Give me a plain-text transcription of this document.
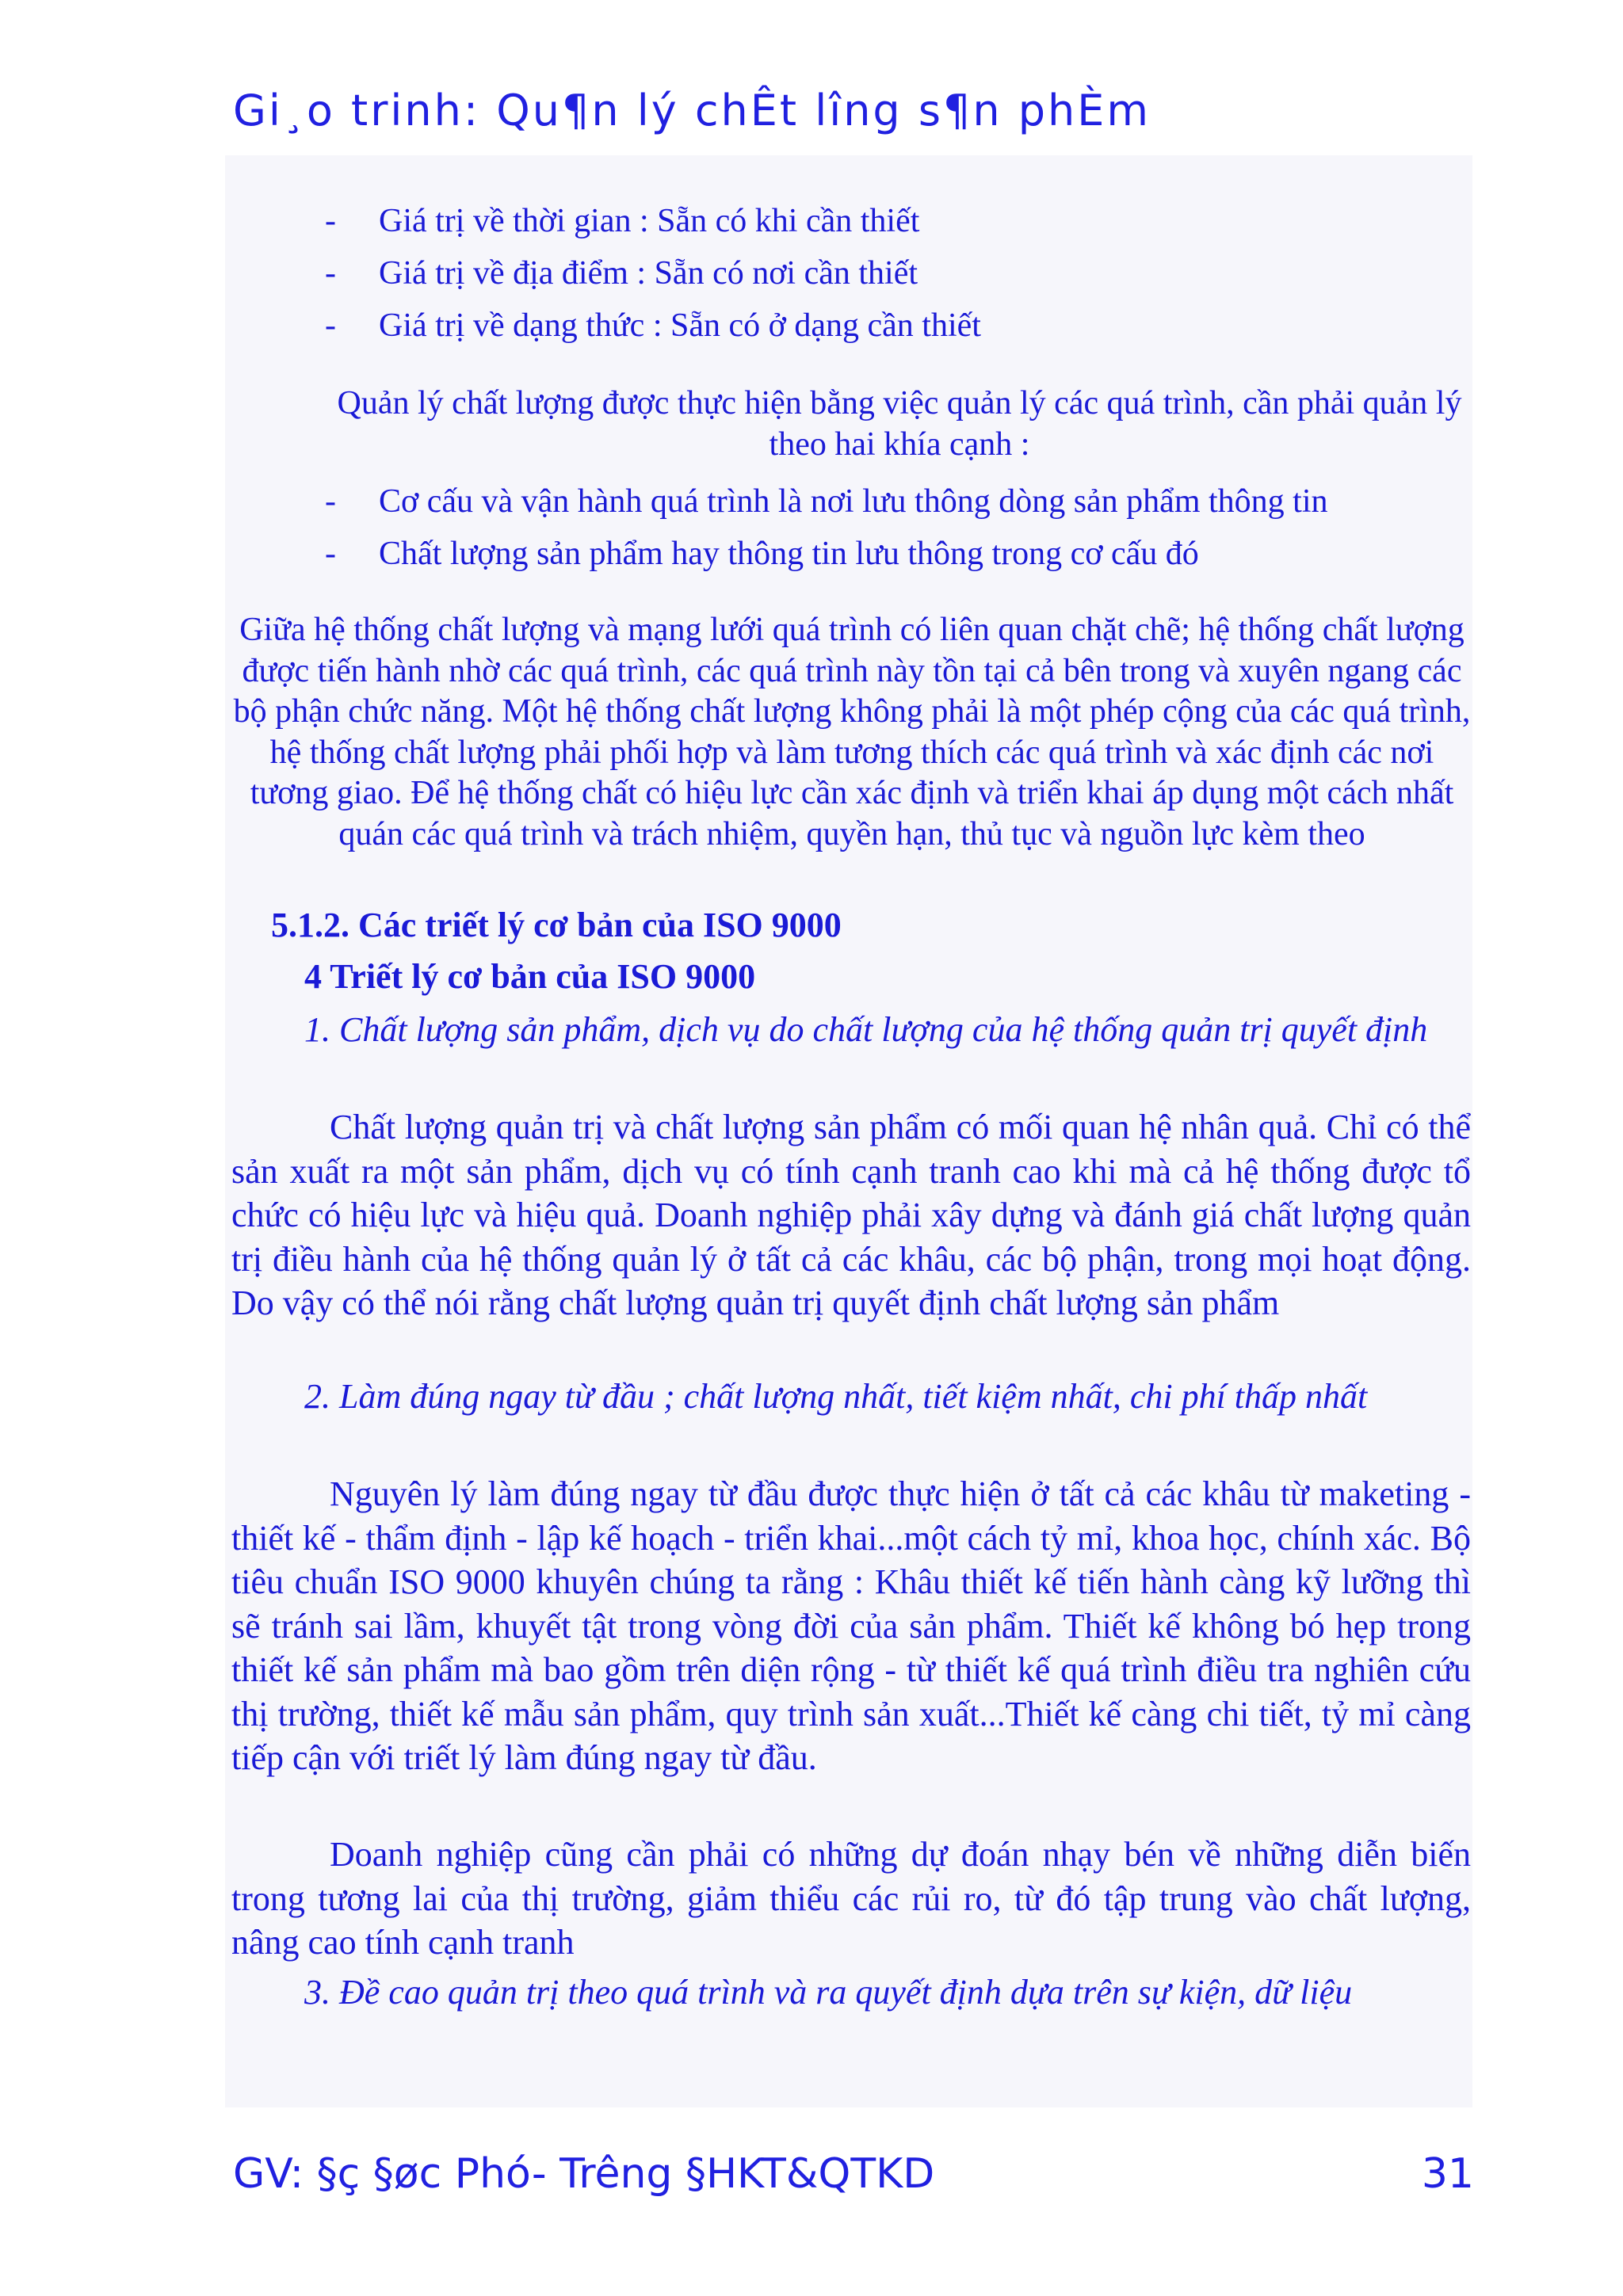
Gi¸o trinh: Qu¶n lý chÊt lîng s¶n phÈm
- Giá trị về thời gian : Sẵn có khi cần thiết
- Giá trị về địa điểm : Sẵn có nơi cần thiết
- Giá trị về dạng thức : Sẵn có ở dạng cần thiết
Quản lý chất lượng được thực hiện bằng việc quản lý các quá trình, cần phải quản lý theo hai khía cạnh :
- Cơ cấu và vận hành quá trình là nơi lưu thông dòng sản phẩm thông tin
- Chất lượng sản phẩm hay thông tin lưu thông trong cơ cấu đó
Giữa hệ thống chất lượng và mạng lưới quá trình có liên quan chặt chẽ; hệ thống chất lượng được tiến hành nhờ các quá trình, các quá trình này tồn tại cả bên trong và xuyên ngang các bộ phận chức năng. Một hệ thống chất lượng không phải là một phép cộng của các quá trình, hệ thống chất lượng phải phối hợp và làm tương thích các quá trình và xác định các nơi tương giao. Để hệ thống chất có hiệu lực cần xác định và triển khai áp dụng một cách nhất quán các quá trình và trách nhiệm, quyền hạn, thủ tục và nguồn lực kèm theo
5.1.2. Các triết lý cơ bản của ISO 9000
4 Triết lý cơ bản của ISO 9000
1. Chất lượng sản phẩm, dịch vụ do chất lượng của hệ thống quản trị quyết định
Chất lượng quản trị và chất lượng sản phẩm có mối quan hệ nhân quả. Chỉ có thể sản xuất ra một sản phẩm, dịch vụ có tính cạnh tranh cao khi mà cả hệ thống được tổ chức có hiệu lực và hiệu quả. Doanh nghiệp phải xây dựng và đánh giá chất lượng quản trị điều hành của hệ thống quản lý ở tất cả các khâu, các bộ phận, trong mọi hoạt động. Do vậy có thể nói rằng chất lượng quản trị quyết định chất lượng sản phẩm
2. Làm đúng ngay từ đầu ; chất lượng nhất, tiết kiệm nhất, chi phí thấp nhất
Nguyên lý làm đúng ngay từ đầu được thực hiện ở tất cả các khâu từ maketing - thiết kế - thẩm định - lập kế hoạch - triển khai...một cách tỷ mỉ, khoa học, chính xác. Bộ tiêu chuẩn ISO 9000 khuyên chúng ta rằng : Khâu thiết kế tiến hành càng kỹ lưỡng thì sẽ tránh sai lầm, khuyết tật trong vòng đời của sản phẩm. Thiết kế không bó hẹp trong thiết kế sản phẩm mà bao gồm trên diện rộng - từ thiết kế quá trình điều tra nghiên cứu thị trường, thiết kế mẫu sản phẩm, quy trình sản xuất...Thiết kế càng chi tiết, tỷ mỉ càng tiếp cận với triết lý làm đúng ngay từ đầu.
Doanh nghiệp cũng cần phải có những dự đoán nhạy bén về những diễn biến trong tương lai của thị trường, giảm thiểu các rủi ro, từ đó tập trung vào chất lượng, nâng cao tính cạnh tranh
3. Đề cao quản trị theo quá trình và ra quyết định dựa trên sự kiện, dữ liệu
GV: §ç §øc Phó- Trêng §HKT&QTKD	31
